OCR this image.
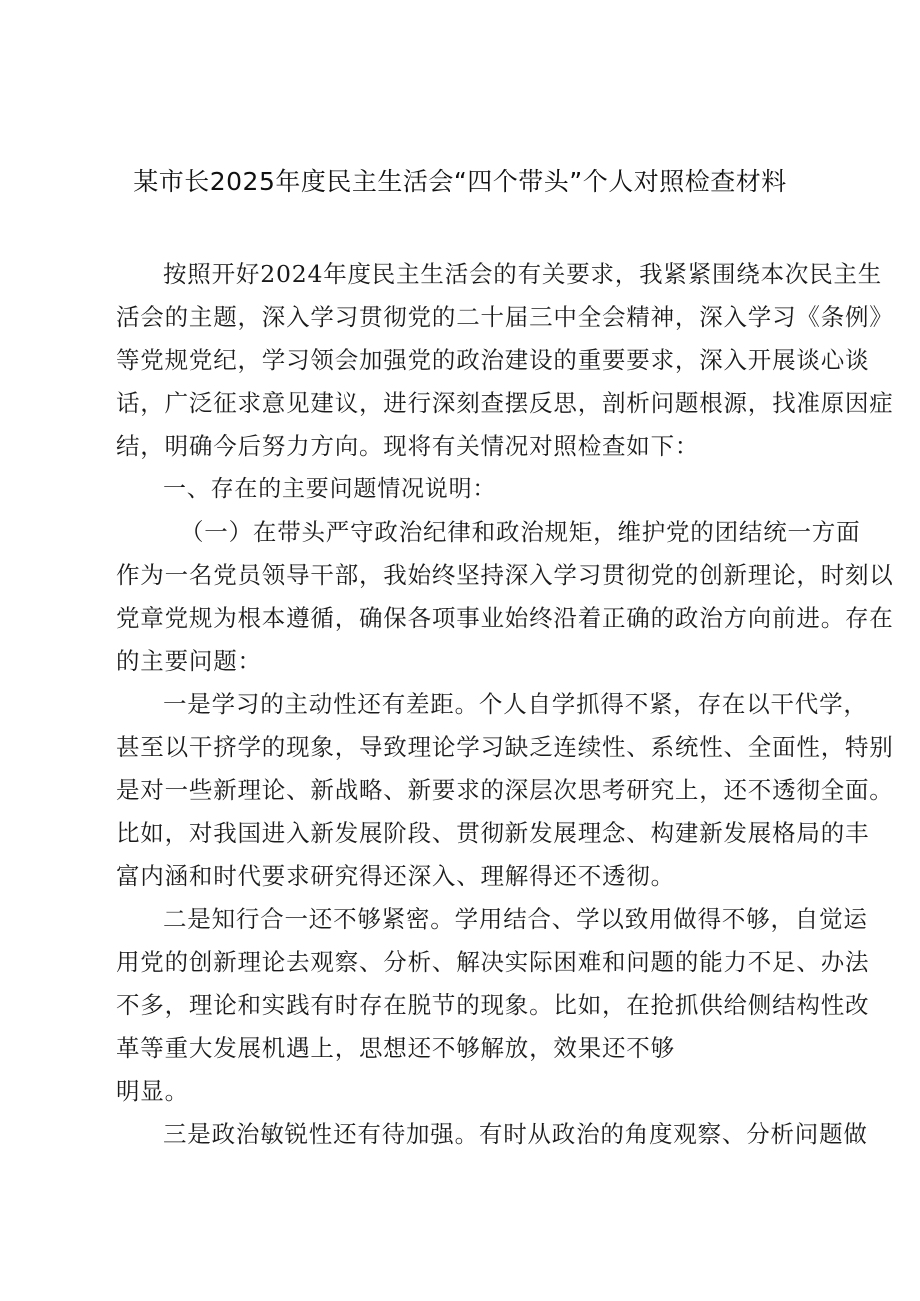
某市长2025年度民主生活会“四个带头”个人对照检查材料
按照开好2024年度民主生活会的有关要求，我紧紧围绕本次民主生
活会的主题，深入学习贯彻党的二十届三中全会精神，深入学习《条例》
等党规党纪，学习领会加强党的政治建设的重要要求，深入开展谈心谈
话，广泛征求意见建议，进行深刻查摆反思，剖析问题根源，找准原因症
结，明确今后努力方向。现将有关情况对照检查如下：
一、存在的主要问题情况说明：
（一）在带头严守政治纪律和政治规矩，维护党的团结统一方面
作为一名党员领导干部，我始终坚持深入学习贯彻党的创新理论，时刻以
党章党规为根本遵循，确保各项事业始终沿着正确的政治方向前进。存在
的主要问题：
一是学习的主动性还有差距。个人自学抓得不紧，存在以干代学，
甚至以干挤学的现象，导致理论学习缺乏连续性、系统性、全面性，特别
是对一些新理论、新战略、新要求的深层次思考研究上，还不透彻全面。
比如，对我国进入新发展阶段、贯彻新发展理念、构建新发展格局的丰
富内涵和时代要求研究得还深入、理解得还不透彻。
二是知行合一还不够紧密。学用结合、学以致用做得不够，自觉运
用党的创新理论去观察、分析、解决实际困难和问题的能力不足、办法
不多，理论和实践有时存在脱节的现象。比如，在抢抓供给侧结构性改
革等重大发展机遇上，思想还不够解放，效果还不够
明显。
三是政治敏锐性还有待加强。有时从政治的角度观察、分析问题做
